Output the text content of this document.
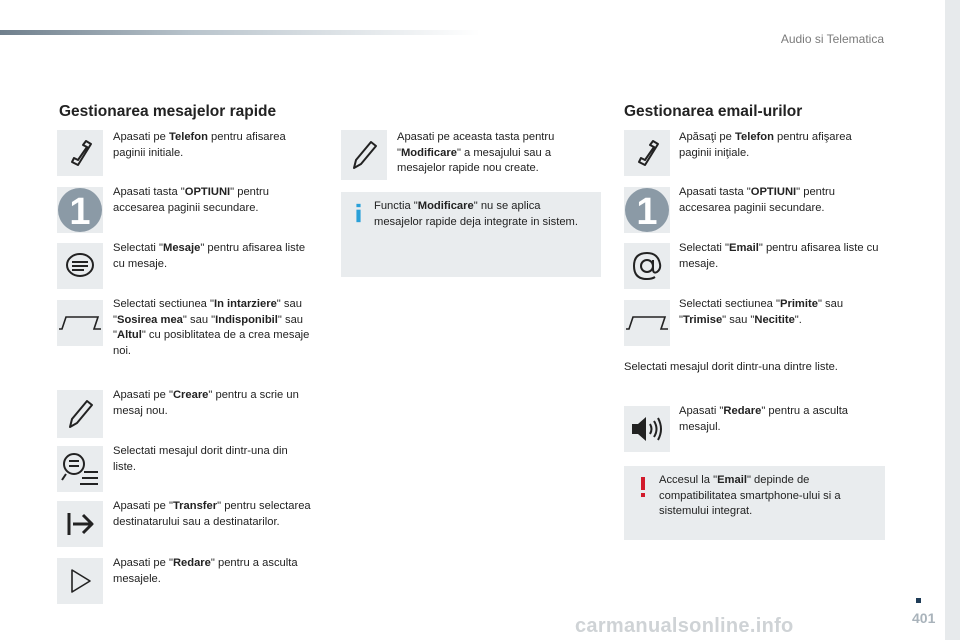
Audio si Telematica
Gestionarea mesajelor rapide	Gestionarea email-urilor
Apasati pe Telefon pentru afisarea paginii initiale.
1 Apasati tasta "OPTIUNI" pentru accesarea paginii secundare.
Selectati "Mesaje" pentru afisarea liste cu mesaje.
Selectati sectiunea "In intarziere" sau "Sosirea mea" sau "Indisponibil" sau "Altul" cu posiblitatea de a crea mesaje noi.
Apasati pe "Creare" pentru a scrie un mesaj nou.
Selectati mesajul dorit dintr-una din liste.
Apasati pe "Transfer" pentru selectarea destinatarului sau a destinatarilor.
Apasati pe "Redare" pentru a asculta mesajele.
Apasati pe aceasta tasta pentru "Modificare" a mesajului sau a mesajelor rapide nou create.
Functia "Modificare" nu se aplica mesajelor rapide deja integrate in sistem.
Apăsaţi pe Telefon pentru afişarea paginii iniţiale.
1 Apasati tasta "OPTIUNI" pentru accesarea paginii secundare.
Selectati "Email" pentru afisarea liste cu mesaje.
Selectati sectiunea "Primite" sau "Trimise" sau "Necitite".
Selectati mesajul dorit dintr-una dintre liste.
Apasati "Redare" pentru a asculta mesajul.
Accesul la "Email" depinde de compatibilitatea smartphone-ului si a sistemului integrat.
401
carmanualsonline.info
